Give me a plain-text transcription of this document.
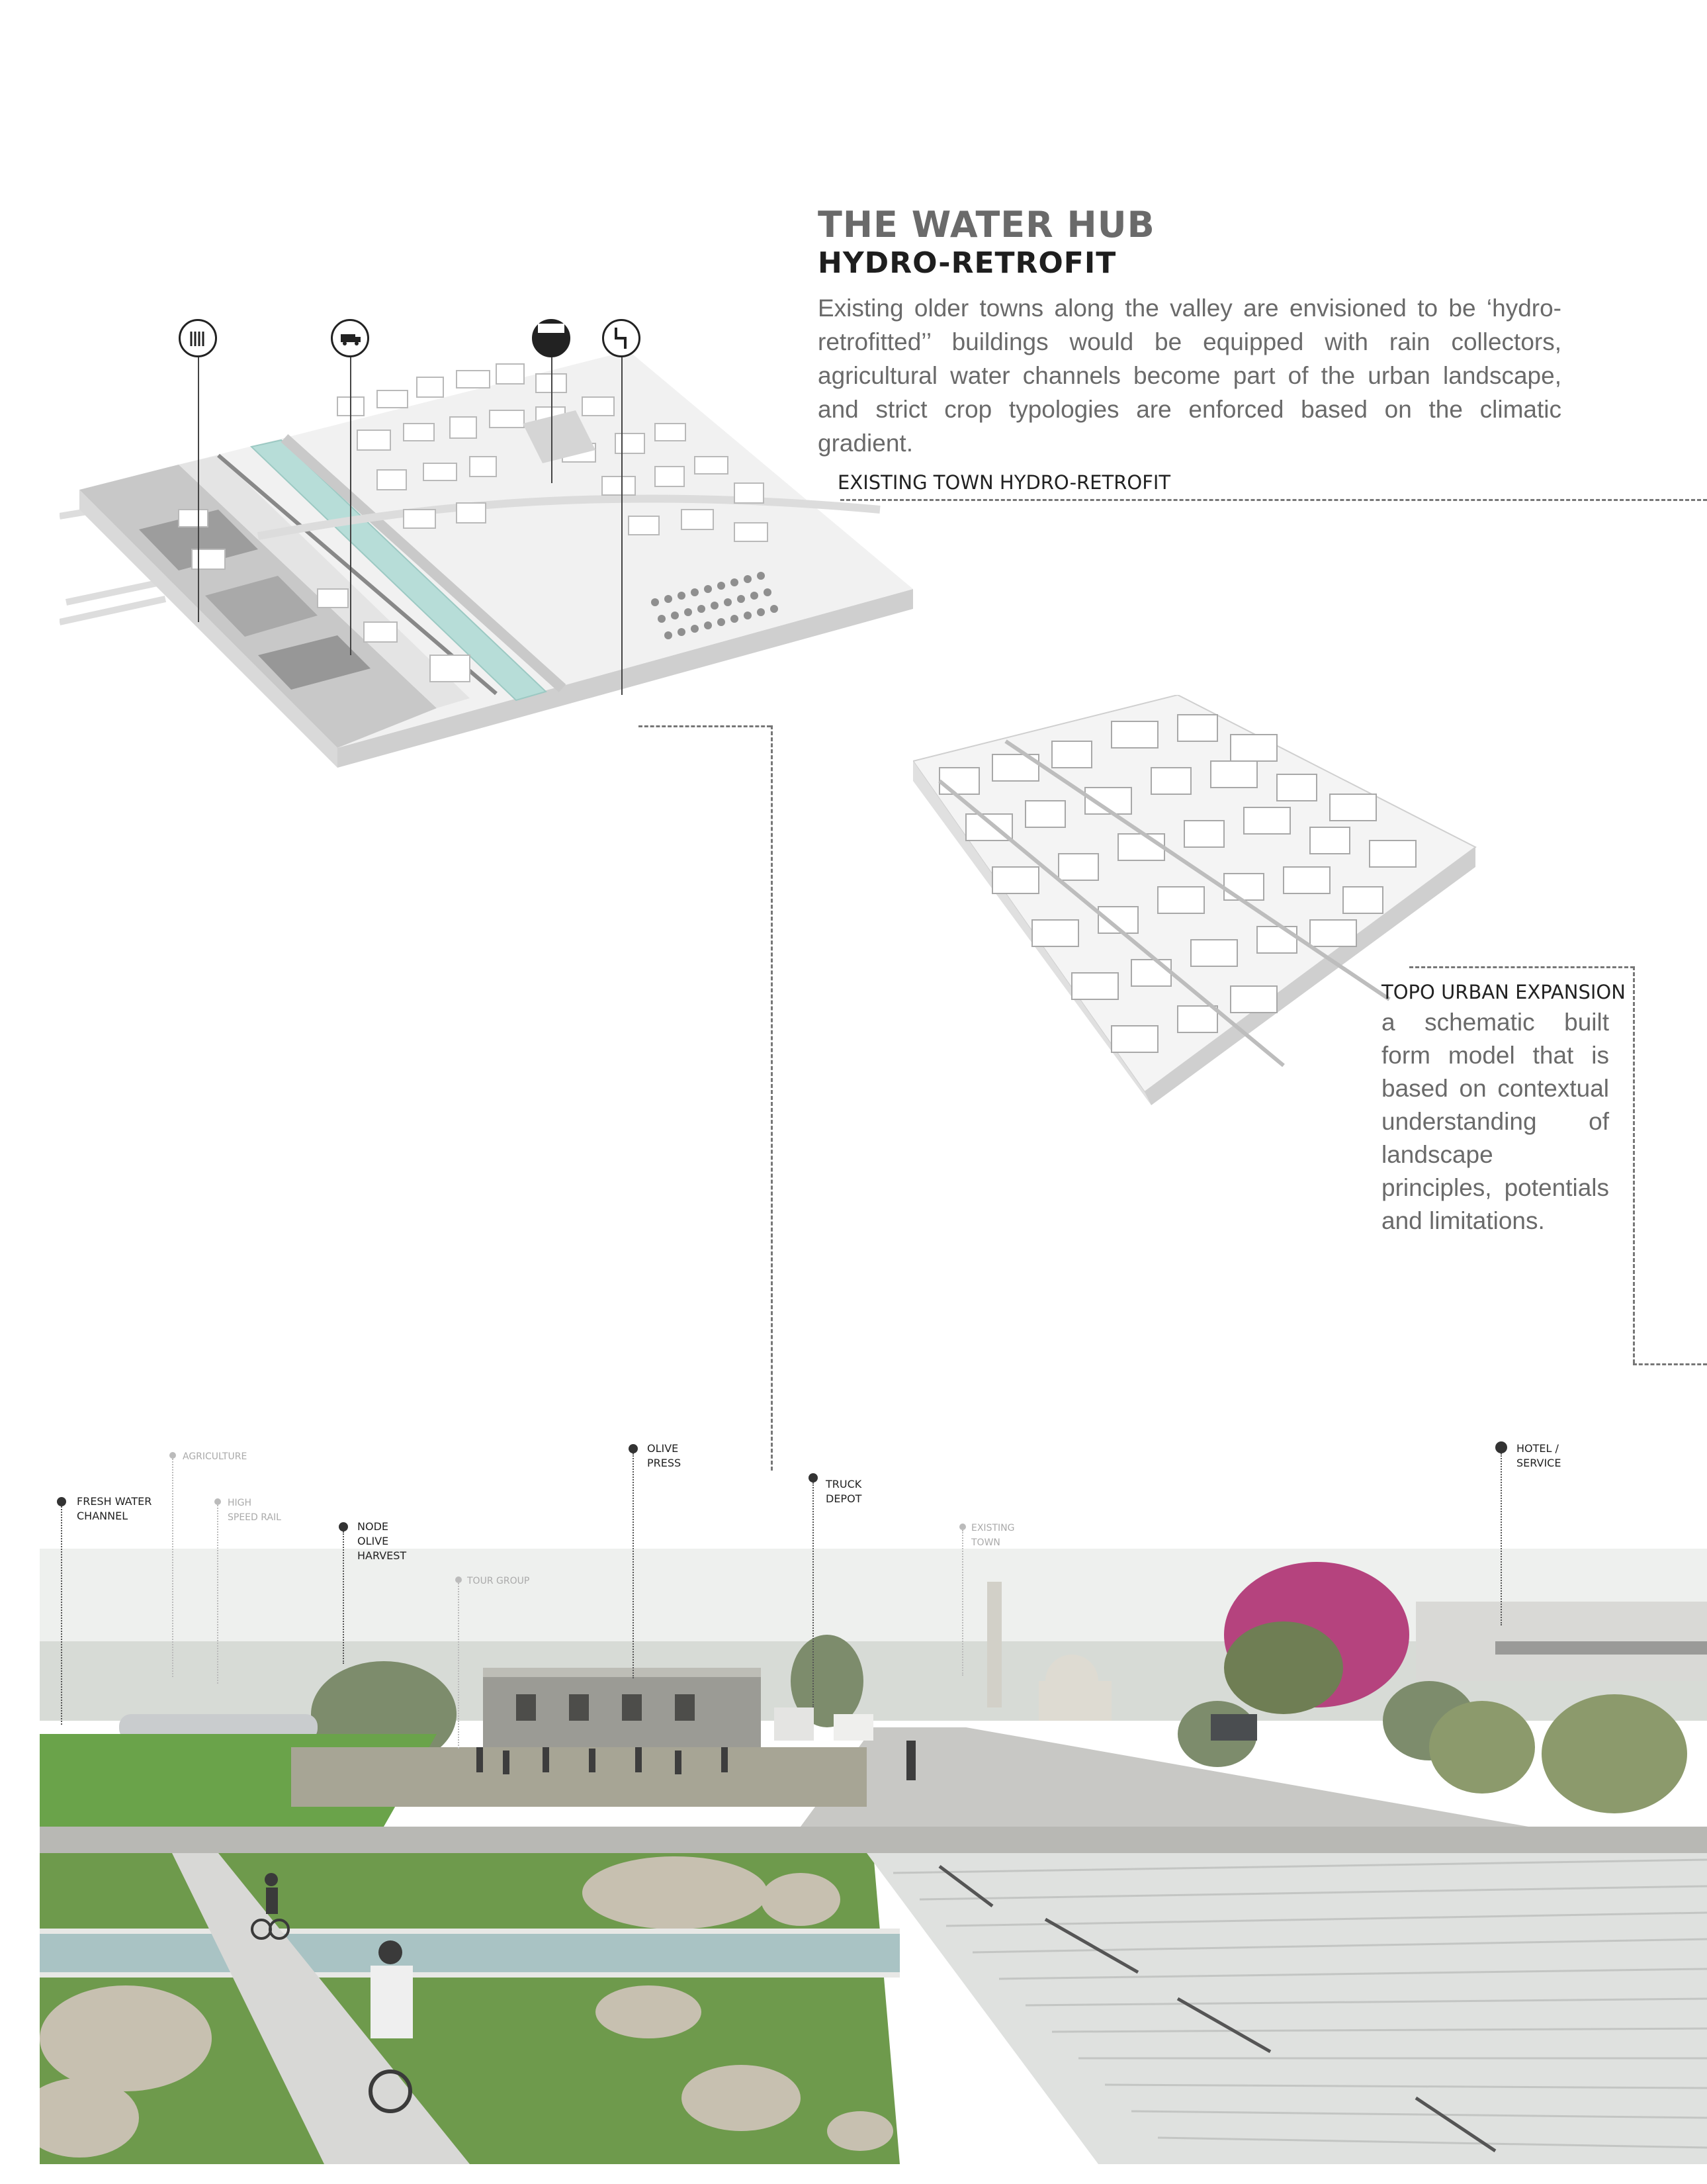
THE WATER HUB
HYDRO-RETROFIT
Existing older towns along the valley are envisioned to be ‘hydro-retrofitted’’ buildings would be equipped with rain collectors, agricultural water channels become part of the urban landscape, and strict crop typologies are enforced based on the climatic gradient.
EXISTING TOWN HYDRO-RETROFIT
TOPO URBAN EXPANSION
a schematic built form model that is based on contextual understanding of landscape principles, potentials and limitations.
FRESH WATER
CHANNEL
AGRICULTURE
HIGH
SPEED RAIL
NODE
OLIVE
HARVEST
TOUR GROUP
OLIVE
PRESS
TRUCK
DEPOT
EXISTING
TOWN
HOTEL /
SERVICE
